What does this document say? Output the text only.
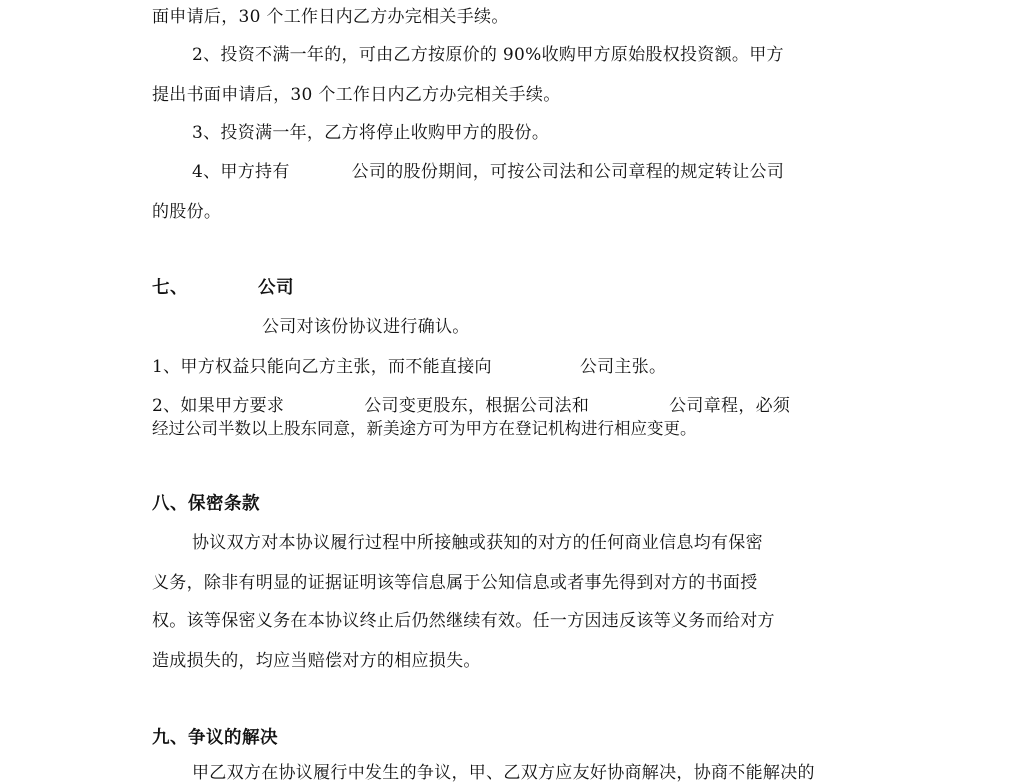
面申请后，30 个工作日内乙方办完相关手续。
2、投资不满一年的，可由乙方按原价的 90%收购甲方原始股权投资额。甲方
提出书面申请后，30 个工作日内乙方办完相关手续。
3、投资满一年，乙方将停止收购甲方的股份。
4、甲方持有	公司的股份期间，可按公司法和公司章程的规定转让公司
的股份。
七、	公司
公司对该份协议进行确认。
1、甲方权益只能向乙方主张，而不能直接向	公司主张。
2、如果甲方要求	公司变更股东，根据公司法和	公司章程，必须
经过公司半数以上股东同意，新美途方可为甲方在登记机构进行相应变更。
八、保密条款
协议双方对本协议履行过程中所接触或获知的对方的任何商业信息均有保密
义务，除非有明显的证据证明该等信息属于公知信息或者事先得到对方的书面授
权。该等保密义务在本协议终止后仍然继续有效。任一方因违反该等义务而给对方
造成损失的，均应当赔偿对方的相应损失。
九、争议的解决
甲乙双方在协议履行中发生的争议，甲、乙双方应友好协商解决，协商不能解决的
